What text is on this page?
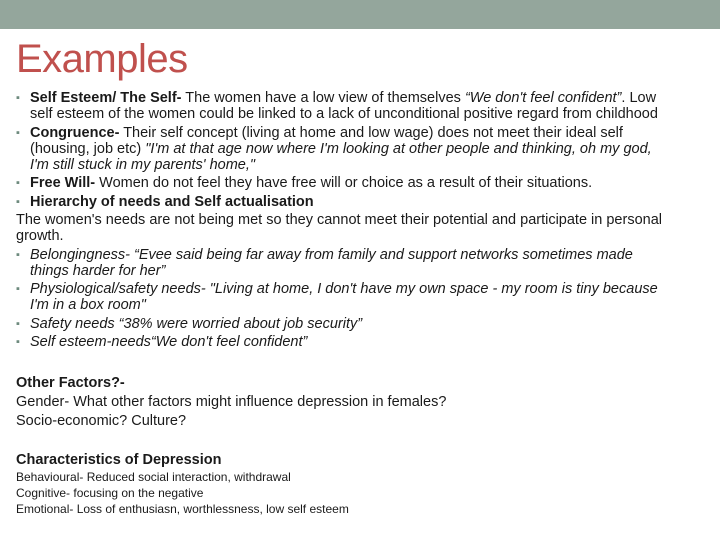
Examples
▪ Self Esteem/ The Self- The women have a low view of themselves “We don't feel confident”. Low
self esteem of the women could be linked to a lack of unconditional positive regard from childhood
▪ Congruence- Their self concept (living at home and low wage) does not meet their ideal self
(housing, job etc) "I'm at that age now where I'm looking at other people and thinking, oh my god,
I'm still stuck in my parents' home,"
▪ Free Will- Women do not feel they have free will or choice as a result of their situations.
▪ Hierarchy of needs and Self actualisation
The women's needs are not being met so they cannot meet their potential and participate in personal
growth.
▪ Belongingness- “Evee said being far away from family and support networks sometimes made
things harder for her”
▪ Physiological/safety needs- "Living at home, I don't have my own space - my room is tiny because
I'm in a box room"
▪ Safety needs “38% were worried about job security”
▪ Self esteem-needs“We don't feel confident”
Other Factors?-
Gender- What other factors might influence depression in females?
Socio-economic? Culture?
Characteristics of Depression
Behavioural- Reduced social interaction, withdrawal
Cognitive- focusing on the negative
Emotional- Loss of enthusiasn, worthlessness, low self esteem
